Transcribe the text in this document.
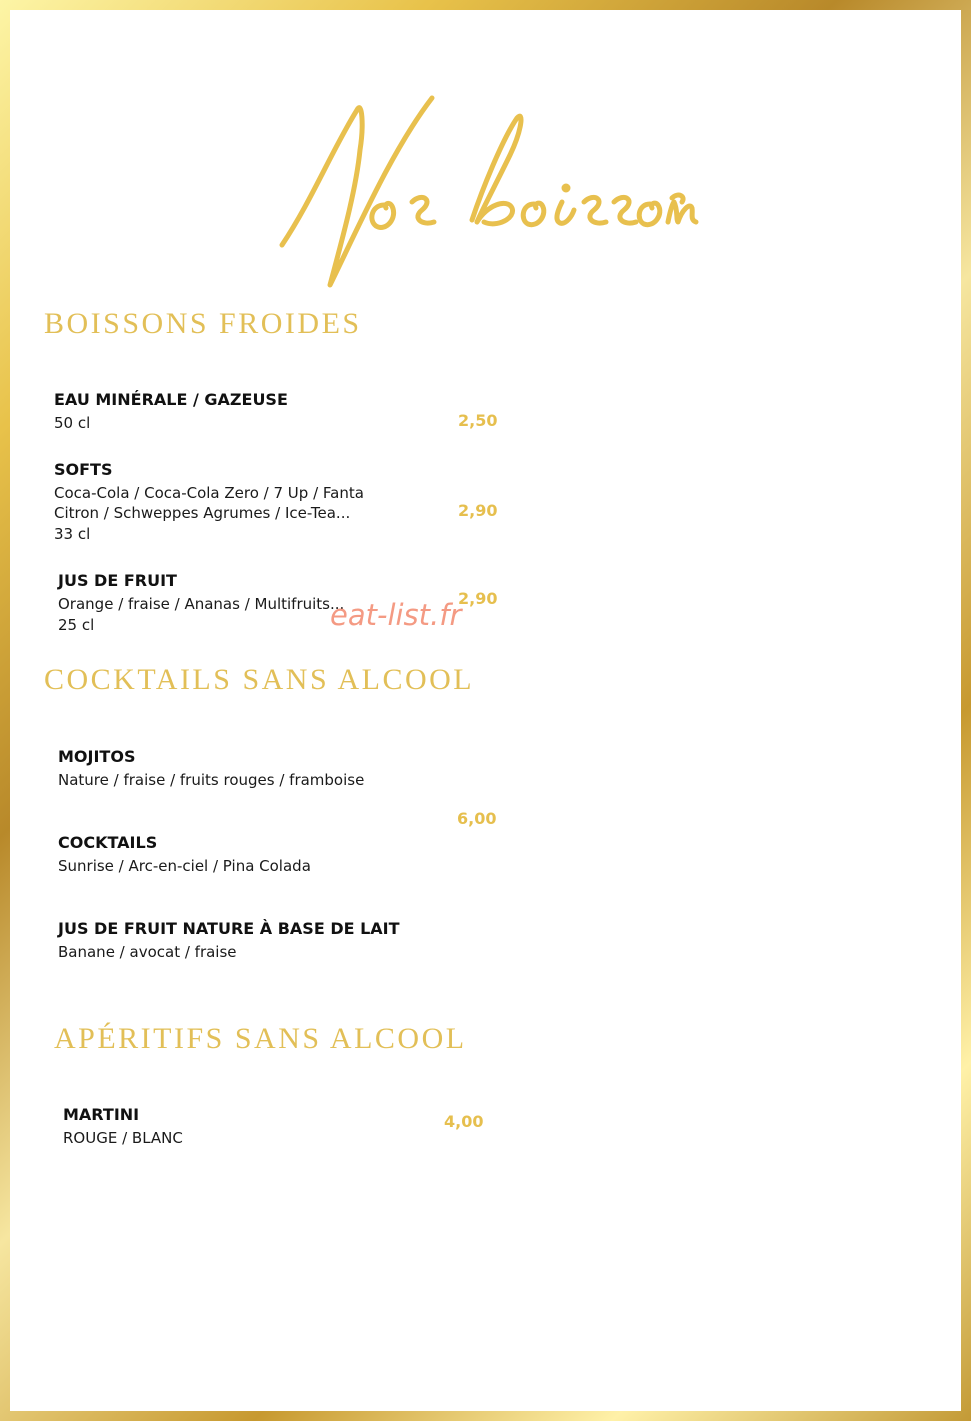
BOISSONS FROIDES
EAU MINÉRALE / GAZEUSE
50 cl	2,50
SOFTS
Coca-Cola / Coca-Cola Zero / 7 Up / Fanta
Citron / Schweppes Agrumes / Ice-Tea...
33 cl
2,90
JUS DE FRUIT
Orange / fraise / Ananas / Multifruits...
25 cl
2,90
eat-list.fr
COCKTAILS SANS ALCOOL
MOJITOS
Nature / fraise / fruits rouges / framboise
6,00
COCKTAILS
Sunrise / Arc-en-ciel / Pina Colada
JUS DE FRUIT NATURE À BASE DE LAIT
Banane / avocat / fraise
APÉRITIFS SANS ALCOOL
MARTINI
ROUGE / BLANC
4,00
